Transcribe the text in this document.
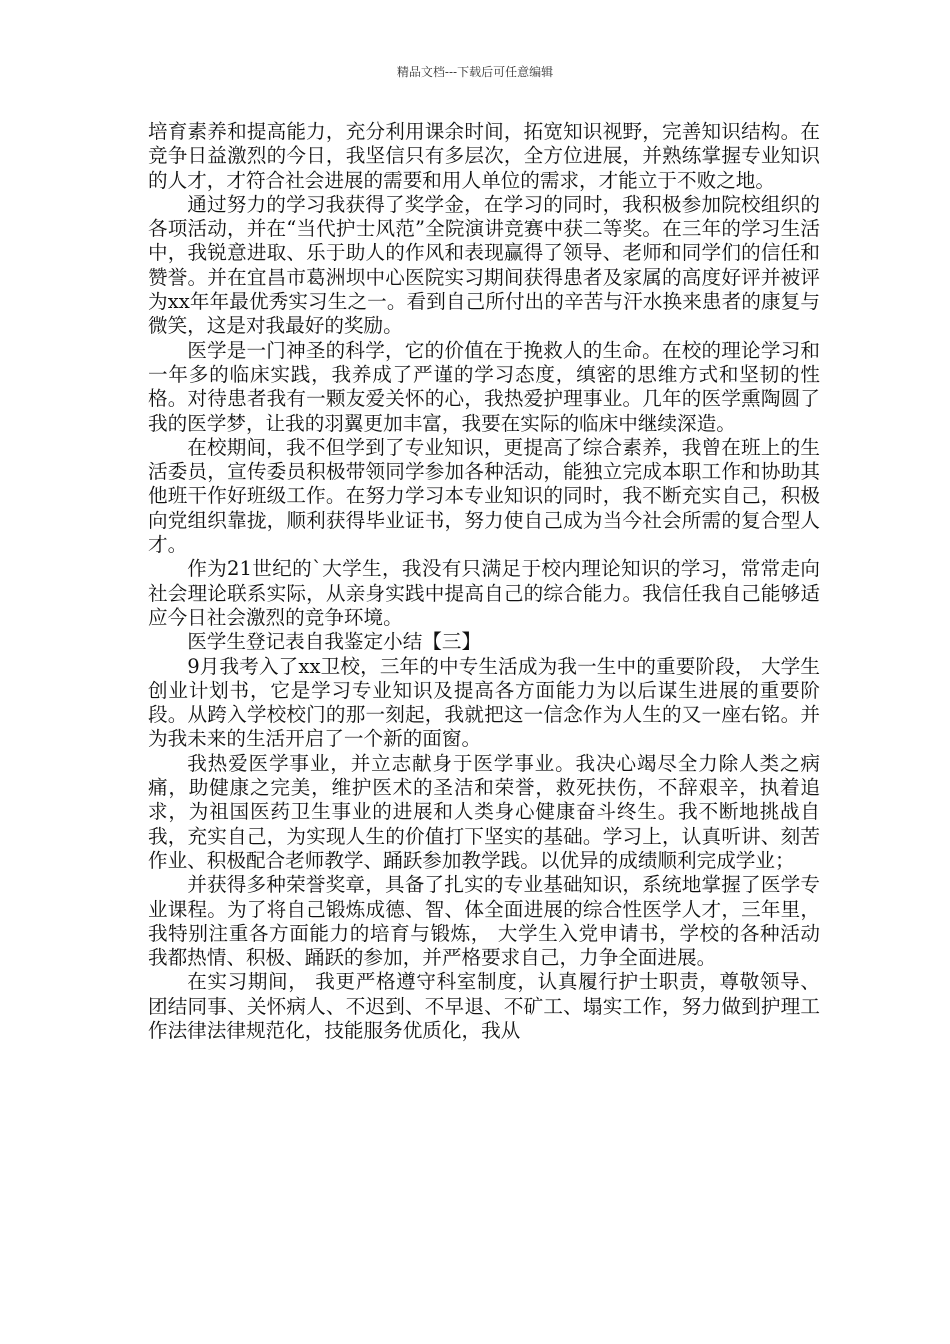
精品文档---下载后可任意编辑

培育素养和提高能力，充分利用课余时间，拓宽知识视野，完善知识结构。在竞争日益激烈的今日，我坚信只有多层次，全方位进展，并熟练掌握专业知识的人才，才符合社会进展的需要和用人单位的需求，才能立于不败之地。

通过努力的学习我获得了奖学金，在学习的同时，我积极参加院校组织的各项活动，并在“当代护士风范”全院演讲竞赛中获二等奖。在三年的学习生活中，我锐意进取、乐于助人的作风和表现赢得了领导、老师和同学们的信任和赞誉。并在宜昌市葛洲坝中心医院实习期间获得患者及家属的高度好评并被评为xx年年最优秀实习生之一。看到自己所付出的辛苦与汗水换来患者的康复与微笑，这是对我最好的奖励。

医学是一门神圣的科学，它的价值在于挽救人的生命。在校的理论学习和一年多的临床实践，我养成了严谨的学习态度，缜密的思维方式和坚韧的性格。对待患者我有一颗友爱关怀的心，我热爱护理事业。几年的医学熏陶圆了我的医学梦，让我的羽翼更加丰富，我要在实际的临床中继续深造。

在校期间，我不但学到了专业知识，更提高了综合素养，我曾在班上的生活委员，宣传委员积极带领同学参加各种活动，能独立完成本职工作和协助其他班干作好班级工作。在努力学习本专业知识的同时，我不断充实自己，积极向党组织靠拢，顺利获得毕业证书，努力使自己成为当今社会所需的复合型人才。

作为21世纪的`大学生，我没有只满足于校内理论知识的学习，常常走向社会理论联系实际，从亲身实践中提高自己的综合能力。我信任我自己能够适应今日社会激烈的竞争环境。

医学生登记表自我鉴定小结【三】

9月我考入了xx卫校，三年的中专生活成为我一生中的重要阶段， 大学生创业计划书，它是学习专业知识及提高各方面能力为以后谋生进展的重要阶段。从跨入学校校门的那一刻起，我就把这一信念作为人生的又一座右铭。并为我未来的生活开启了一个新的面窗。

我热爱医学事业，并立志献身于医学事业。我决心竭尽全力除人类之病痛，助健康之完美，维护医术的圣洁和荣誉，救死扶伤，不辞艰辛，执着追求，为祖国医药卫生事业的进展和人类身心健康奋斗终生。我不断地挑战自我，充实自己，为实现人生的价值打下坚实的基础。学习上，认真听讲、刻苦作业、积极配合老师教学、踊跃参加教学践。以优异的成绩顺利完成学业；

并获得多种荣誉奖章，具备了扎实的专业基础知识，系统地掌握了医学专业课程。为了将自己锻炼成德、智、体全面进展的综合性医学人才，三年里，我特别注重各方面能力的培育与锻炼， 大学生入党申请书，学校的各种活动我都热情、积极、踊跃的参加，并严格要求自己，力争全面进展。

在实习期间， 我更严格遵守科室制度，认真履行护士职责，尊敬领导、团结同事、关怀病人、不迟到、不早退、不矿工、塌实工作，努力做到护理工作法律法律规范化，技能服务优质化，我从
